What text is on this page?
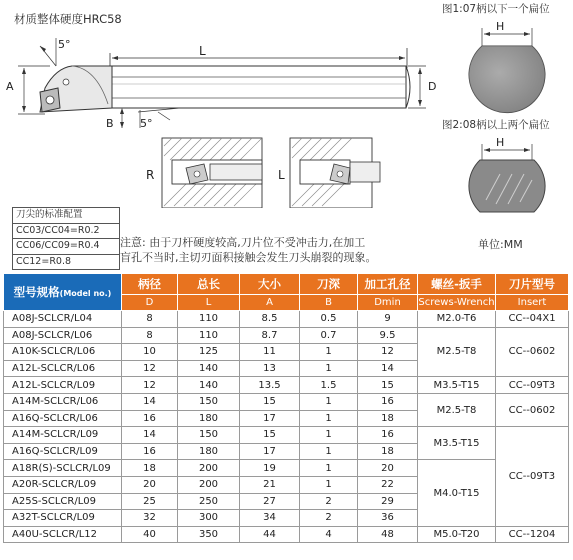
材质整体硬度HRC58
图1:07柄以下一个扁位
图2:08柄以上两个扁位
5°	L
A	D
B 5°
R	L
H
H
刀尖的标准配置
CC03/CC04=R0.2
CC06/CC09=R0.4
CC12=R0.8
注意: 由于刀杆硬度较高,刀片位不受冲击力,在加工
盲孔不当时,主切刃面积接触会发生刀头崩裂的现象。
单位:MM
型号规格(Model no.)	柄径	总长	大小	刀深	加工孔径	螺丝-扳手	刀片型号
	D	L	A	B	Dmin	Screws-Wrench	Insert
A08J-SCLCR/L04	8	110	8.5	0.5	9	M2.0-T6	CC--04X1
A08J-SCLCR/L06	8	110	8.7	0.7	9.5	M2.5-T8	CC--0602
A10K-SCLCR/L06	10	125	11	1	12		
A12L-SCLCR/L06	12	140	13	1	14		
A12L-SCLCR/L09	12	140	13.5	1.5	15	M3.5-T15	CC--09T3
A14M-SCLCR/L06	14	150	15	1	16	M2.5-T8	CC--0602
A16Q-SCLCR/L06	16	180	17	1	18		
A14M-SCLCR/L09	14	150	15	1	16	M3.5-T15	CC--09T3
A16Q-SCLCR/L09	16	180	17	1	18		
A18R(S)-SCLCR/L09	18	200	19	1	20	M4.0-T15	
A20R-SCLCR/L09	20	200	21	1	22		
A25S-SCLCR/L09	25	250	27	2	29		
A32T-SCLCR/L09	32	300	34	2	36		
A40U-SCLCR/L12	40	350	44	4	48	M5.0-T20	CC--1204
